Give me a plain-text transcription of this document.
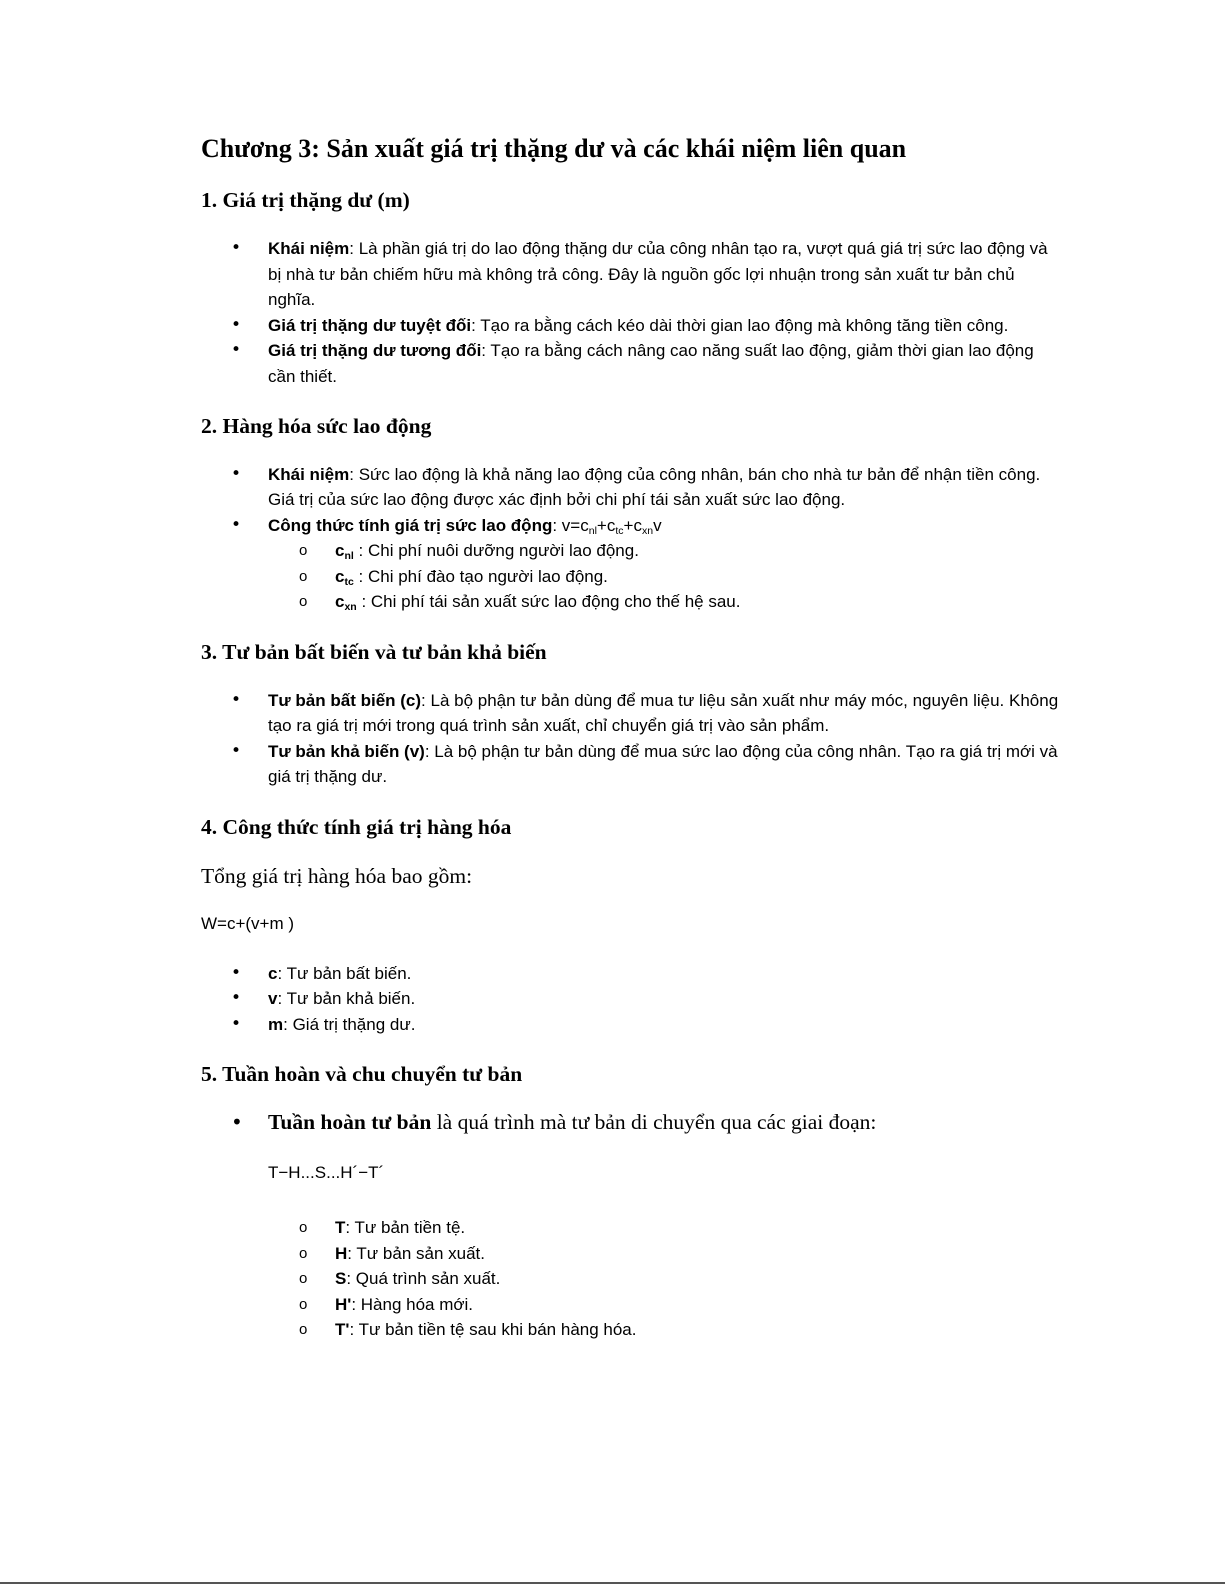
Chương 3: Sản xuất giá trị thặng dư và các khái niệm liên quan
1. Giá trị thặng dư (m)
• Khái niệm: Là phần giá trị do lao động thặng dư của công nhân tạo ra, vượt quá giá trị sức lao động và bị nhà tư bản chiếm hữu mà không trả công. Đây là nguồn gốc lợi nhuận trong sản xuất tư bản chủ nghĩa.
• Giá trị thặng dư tuyệt đối: Tạo ra bằng cách kéo dài thời gian lao động mà không tăng tiền công.
• Giá trị thặng dư tương đối: Tạo ra bằng cách nâng cao năng suất lao động, giảm thời gian lao động cần thiết.
2. Hàng hóa sức lao động
• Khái niệm: Sức lao động là khả năng lao động của công nhân, bán cho nhà tư bản để nhận tiền công. Giá trị của sức lao động được xác định bởi chi phí tái sản xuất sức lao động.
• Công thức tính giá trị sức lao động: $v=c_{nl}+c_{tc}+c_{xn}v$
o $c_{nl}$ : Chi phí nuôi dưỡng người lao động.
o $c_{tc}$ : Chi phí đào tạo người lao động.
o $c_{xn}$ : Chi phí tái sản xuất sức lao động cho thế hệ sau.
3. Tư bản bất biến và tư bản khả biến
• Tư bản bất biến (c): Là bộ phận tư bản dùng để mua tư liệu sản xuất như máy móc, nguyên liệu. Không tạo ra giá trị mới trong quá trình sản xuất, chỉ chuyển giá trị vào sản phẩm.
• Tư bản khả biến (v): Là bộ phận tư bản dùng để mua sức lao động của công nhân. Tạo ra giá trị mới và giá trị thặng dư.
4. Công thức tính giá trị hàng hóa

Tổng giá trị hàng hóa bao gồm:

W=c+(v+m )

• c: Tư bản bất biến.
• v: Tư bản khả biến.
• m: Giá trị thặng dư.
5. Tuần hoàn và chu chuyển tư bản
• Tuần hoàn tư bản là quá trình mà tư bản di chuyển qua các giai đoạn:

T−H...S...H´−T´

o T: Tư bản tiền tệ.
o H: Tư bản sản xuất.
o S: Quá trình sản xuất.
o H': Hàng hóa mới.
o T': Tư bản tiền tệ sau khi bán hàng hóa.
